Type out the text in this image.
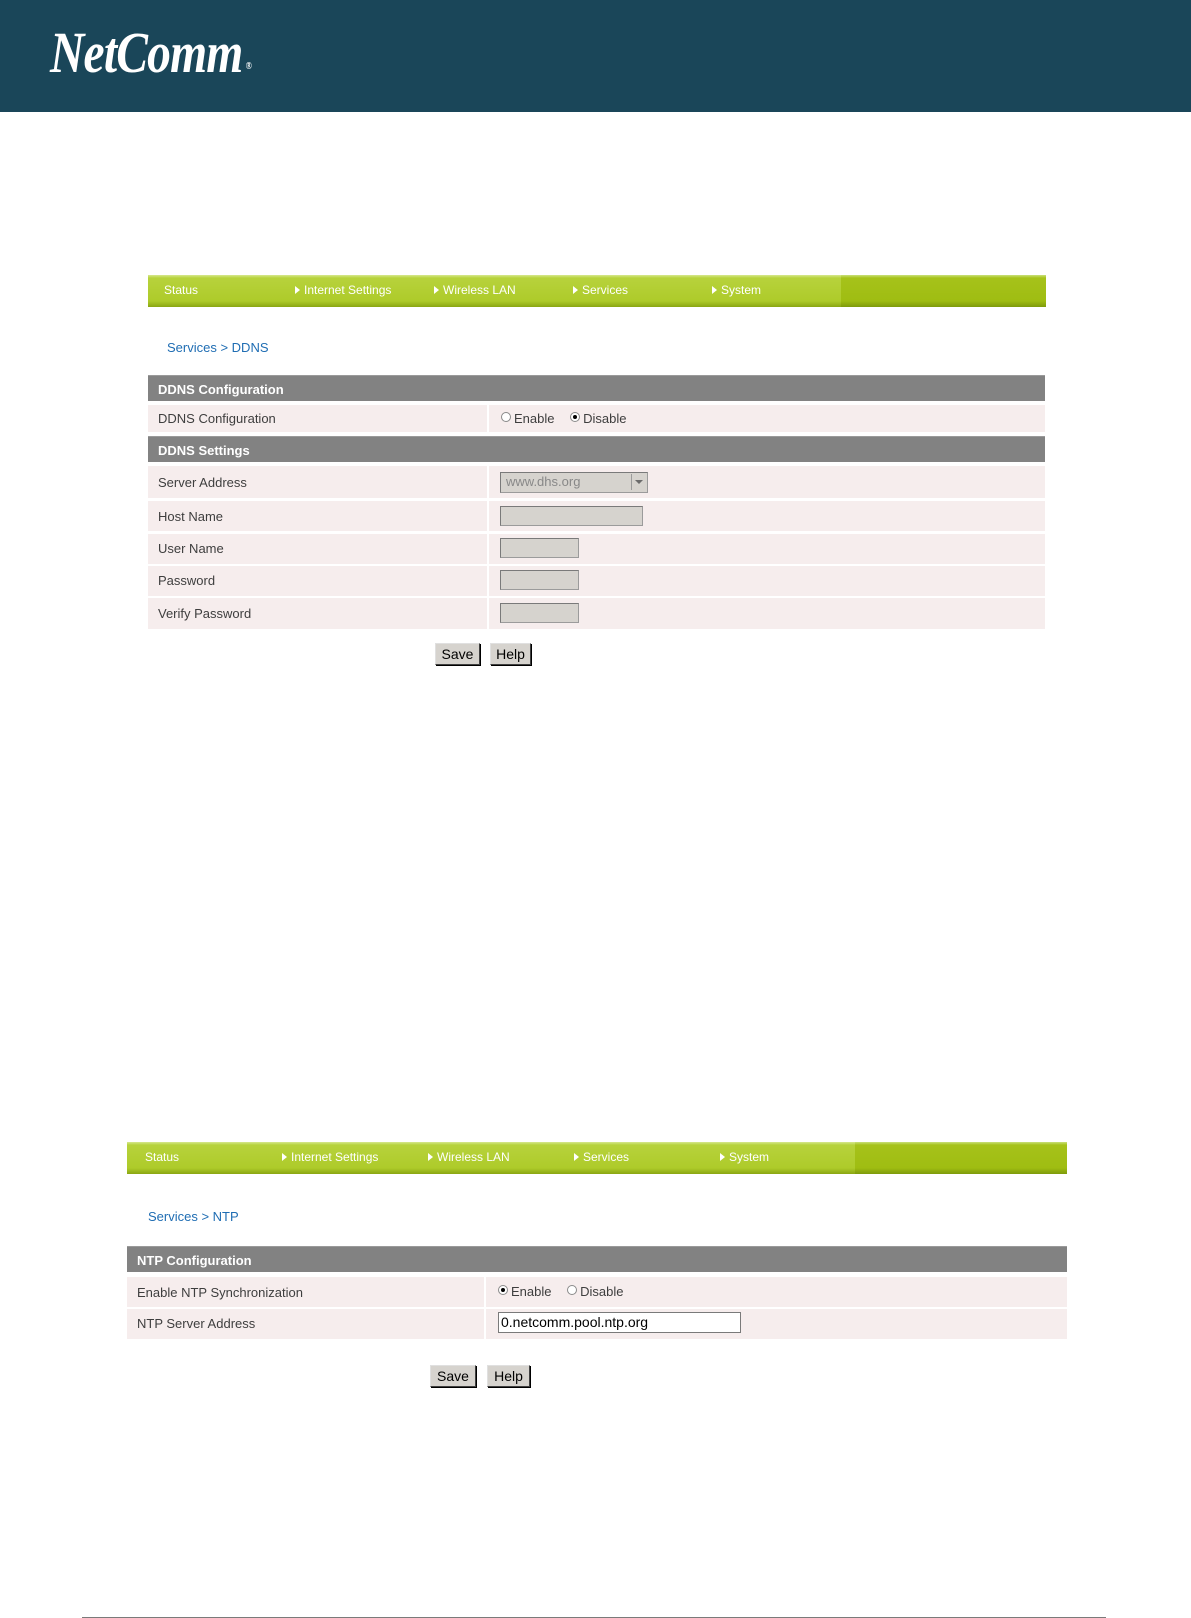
NetComm ®
Status	Internet Settings	Wireless LAN	Services	System
Services > DDNS
DDNS Configuration
DDNS Configuration	Enable Disable
DDNS Settings
Server Address	www.dhs.org
Host Name
User Name
Password
Verify Password
Save	Help
Status	Internet Settings	Wireless LAN	Services	System
Services > NTP
NTP Configuration
Enable NTP Synchronization	Enable Disable
NTP Server Address	0.netcomm.pool.ntp.org
Save	Help
